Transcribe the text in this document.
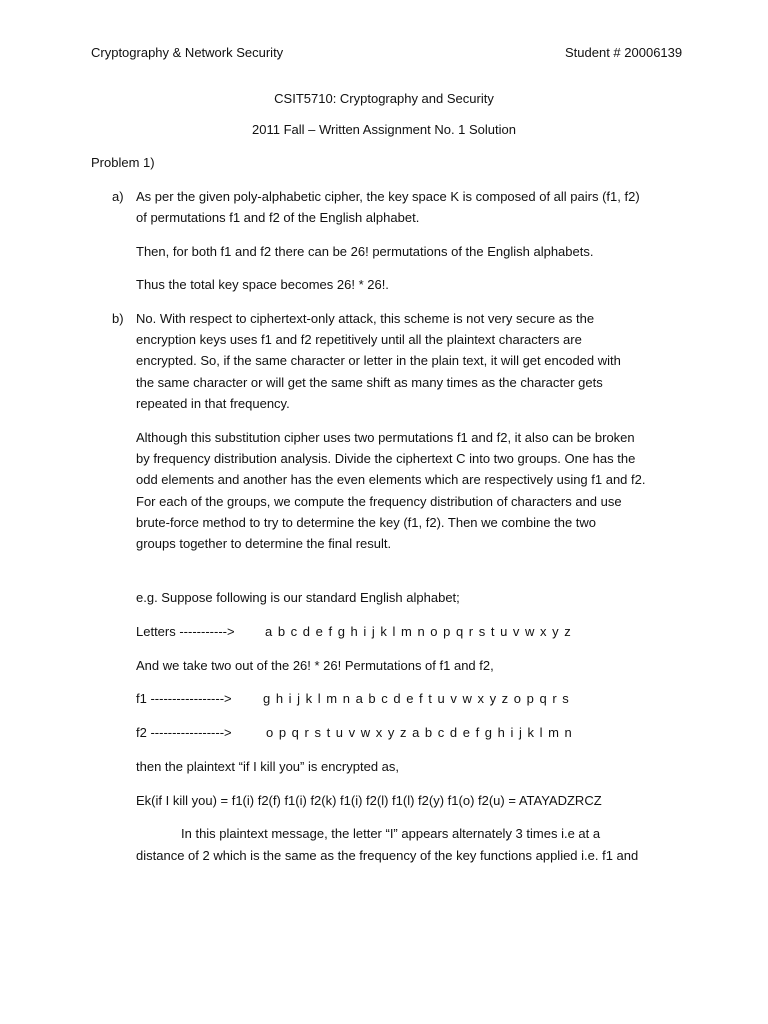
Cryptography & Network Security	Student # 20006139
CSIT5710: Cryptography and Security
2011 Fall – Written Assignment No. 1 Solution
Problem 1)
a) As per the given poly-alphabetic cipher, the key space K is composed of all pairs (f1, f2)
of permutations f1 and f2 of the English alphabet.
Then, for both f1 and f2 there can be 26! permutations of the English alphabets.
Thus the total key space becomes 26! * 26!.
b) No. With respect to ciphertext-only attack, this scheme is not very secure as the
encryption keys uses f1 and f2 repetitively until all the plaintext characters are
encrypted. So, if the same character or letter in the plain text, it will get encoded with
the same character or will get the same shift as many times as the character gets
repeated in that frequency.
Although this substitution cipher uses two permutations f1 and f2, it also can be broken
by frequency distribution analysis. Divide the ciphertext C into two groups. One has the
odd elements and another has the even elements which are respectively using f1 and f2.
For each of the groups, we compute the frequency distribution of characters and use
brute-force method to try to determine the key (f1, f2). Then we combine the two
groups together to determine the final result.
e.g. Suppose following is our standard English alphabet;
Letters -----------> a b c d e f g h i j k l m n o p q r s t u v w x y z
And we take two out of the 26! * 26! Permutations of f1 and f2,
f1 -----------------> g h i j k l m n a b c d e f t u v w x y z o p q r s
f2 ----------------->	o p q r s t u v w x y z a b c d e f g h i j k l m n
then the plaintext “if I kill you” is encrypted as,
Ek(if I kill you) = f1(i) f2(f) f1(i) f2(k) f1(i) f2(l) f1(l) f2(y) f1(o) f2(u) = ATAYADZRCZ
In this plaintext message, the letter “I” appears alternately 3 times i.e at a
distance of 2 which is the same as the frequency of the key functions applied i.e. f1 and
